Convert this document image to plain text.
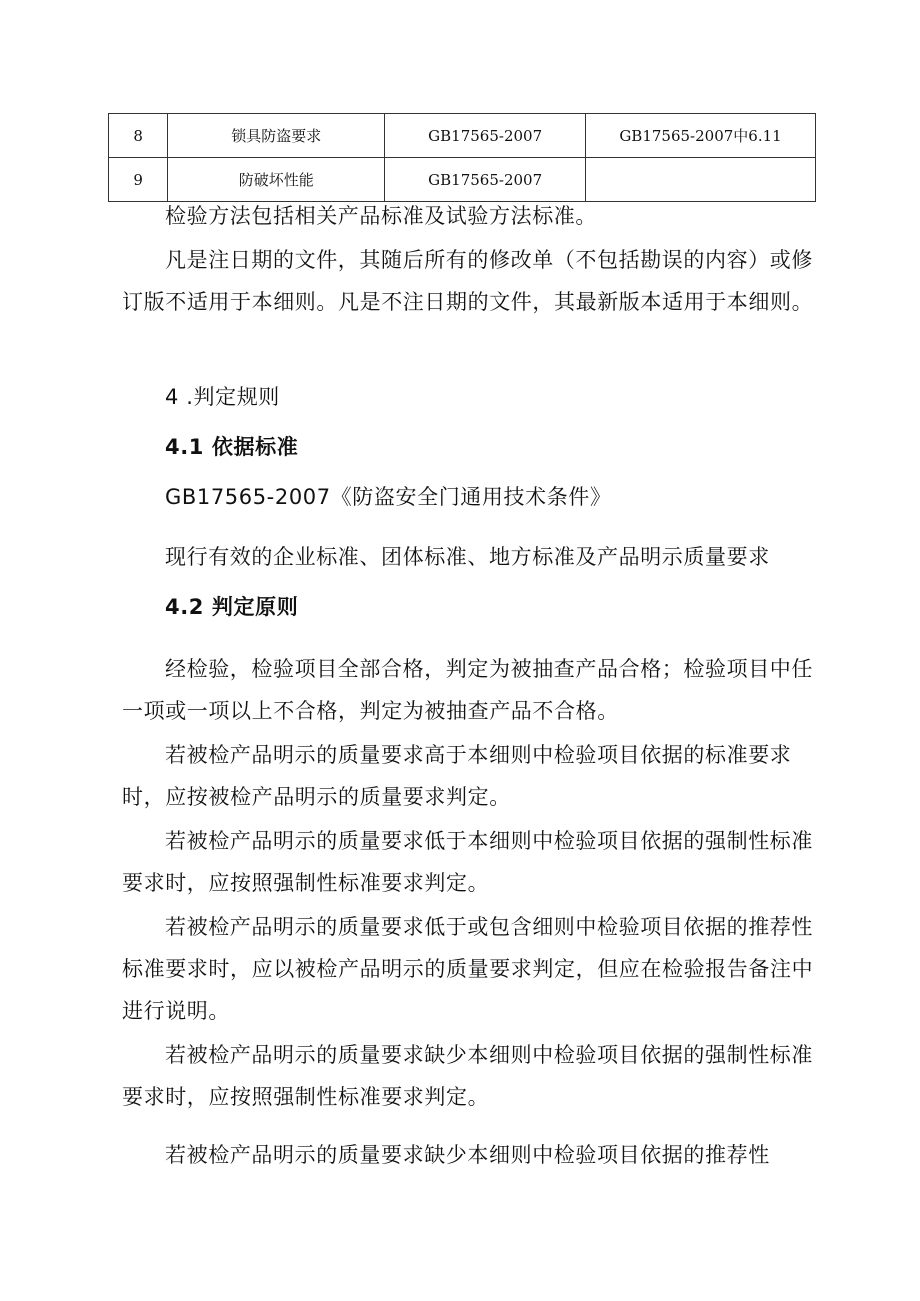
8	锁具防盗要求	GB17565-2007	GB17565-2007中6.11
9	防破坏性能	GB17565-2007	

检验方法包括相关产品标准及试验方法标准。

凡是注日期的文件，其随后所有的修改单（不包括勘误的内容）或修订版不适用于本细则。凡是不注日期的文件，其最新版本适用于本细则。

4 .判定规则

4.1 依据标准

GB17565-2007《防盗安全门通用技术条件》

现行有效的企业标准、团体标准、地方标准及产品明示质量要求

4.2 判定原则

经检验，检验项目全部合格，判定为被抽查产品合格；检验项目中任一项或一项以上不合格，判定为被抽查产品不合格。

若被检产品明示的质量要求高于本细则中检验项目依据的标准要求时，应按被检产品明示的质量要求判定。

若被检产品明示的质量要求低于本细则中检验项目依据的强制性标准要求时，应按照强制性标准要求判定。

若被检产品明示的质量要求低于或包含细则中检验项目依据的推荐性标准要求时，应以被检产品明示的质量要求判定，但应在检验报告备注中进行说明。

若被检产品明示的质量要求缺少本细则中检验项目依据的强制性标准要求时，应按照强制性标准要求判定。

若被检产品明示的质量要求缺少本细则中检验项目依据的推荐性
